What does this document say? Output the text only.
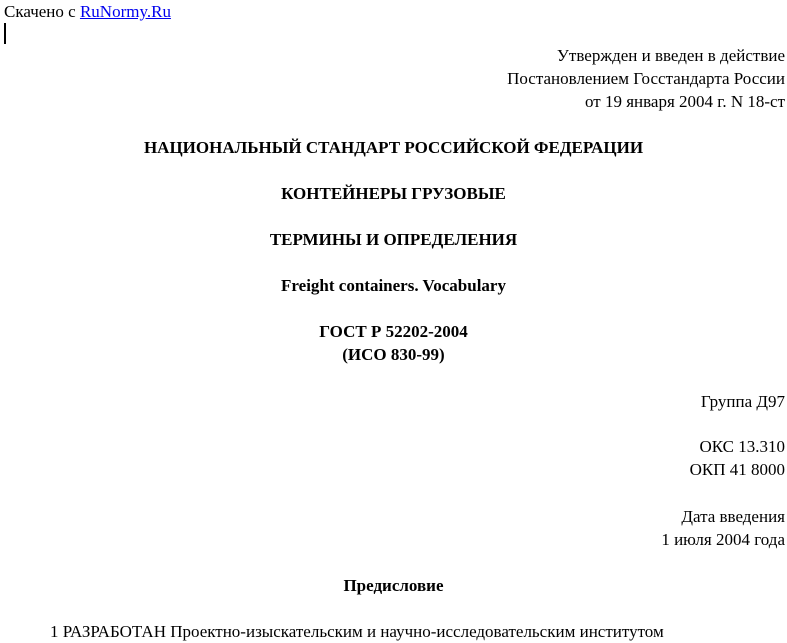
Скачено с RuNormy.Ru
Утвержден и введен в действие
Постановлением Госстандарта России
от 19 января 2004 г. N 18-ст
НАЦИОНАЛЬНЫЙ СТАНДАРТ РОССИЙСКОЙ ФЕДЕРАЦИИ
КОНТЕЙНЕРЫ ГРУЗОВЫЕ
ТЕРМИНЫ И ОПРЕДЕЛЕНИЯ
Freight containers. Vocabulary
ГОСТ Р 52202-2004
(ИСО 830-99)
Группа Д97
ОКС 13.310
ОКП 41 8000
Дата введения
1 июля 2004 года
Предисловие
1 РАЗРАБОТАН Проектно-изыскательским и научно-исследовательским институтом
